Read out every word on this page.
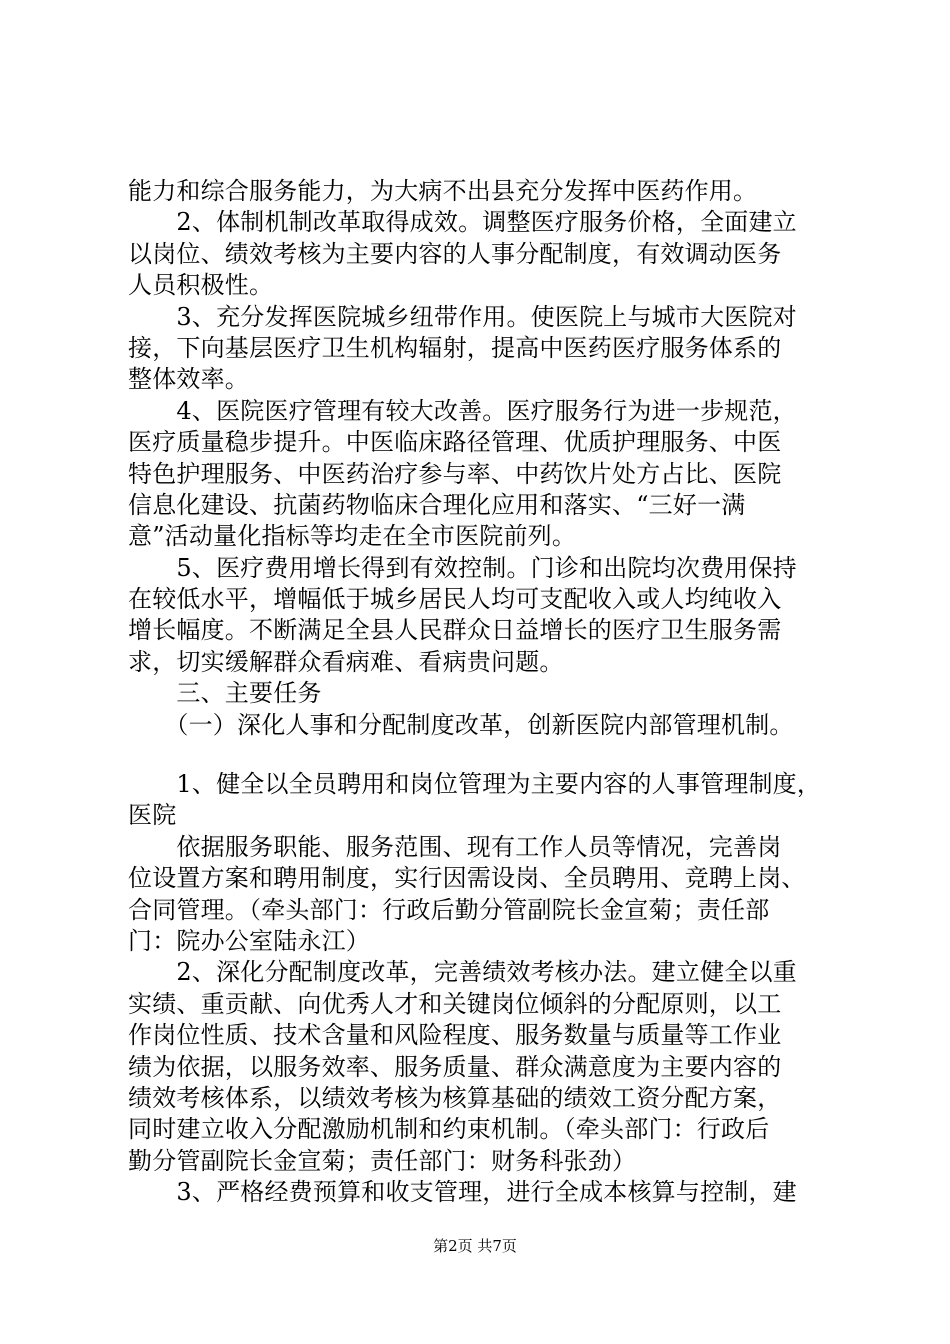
能力和综合服务能力，为大病不出县充分发挥中医药作用。
　　2、体制机制改革取得成效。调整医疗服务价格，全面建立
以岗位、绩效考核为主要内容的人事分配制度，有效调动医务
人员积极性。
　　3、充分发挥医院城乡纽带作用。使医院上与城市大医院对
接，下向基层医疗卫生机构辐射，提高中医药医疗服务体系的
整体效率。
　　4、医院医疗管理有较大改善。医疗服务行为进一步规范，
医疗质量稳步提升。中医临床路径管理、优质护理服务、中医
特色护理服务、中医药治疗参与率、中药饮片处方占比、医院
信息化建设、抗菌药物临床合理化应用和落实、“三好一满
意”活动量化指标等均走在全市医院前列。
　　5、医疗费用增长得到有效控制。门诊和出院均次费用保持
在较低水平，增幅低于城乡居民人均可支配收入或人均纯收入
增长幅度。不断满足全县人民群众日益增长的医疗卫生服务需
求，切实缓解群众看病难、看病贵问题。
　　三、主要任务
　　（一）深化人事和分配制度改革，创新医院内部管理机制。
　　1、健全以全员聘用和岗位管理为主要内容的人事管理制度，
医院
　　依据服务职能、服务范围、现有工作人员等情况，完善岗
位设置方案和聘用制度，实行因需设岗、全员聘用、竞聘上岗、
合同管理。（牵头部门：行政后勤分管副院长金宣菊；责任部
门：院办公室陆永江）
　　2、深化分配制度改革，完善绩效考核办法。建立健全以重
实绩、重贡献、向优秀人才和关键岗位倾斜的分配原则，以工
作岗位性质、技术含量和风险程度、服务数量与质量等工作业
绩为依据，以服务效率、服务质量、群众满意度为主要内容的
绩效考核体系，以绩效考核为核算基础的绩效工资分配方案，
同时建立收入分配激励机制和约束机制。（牵头部门：行政后
勤分管副院长金宣菊；责任部门：财务科张劲）
　　3、严格经费预算和收支管理，进行全成本核算与控制，建
第2页 共7页
